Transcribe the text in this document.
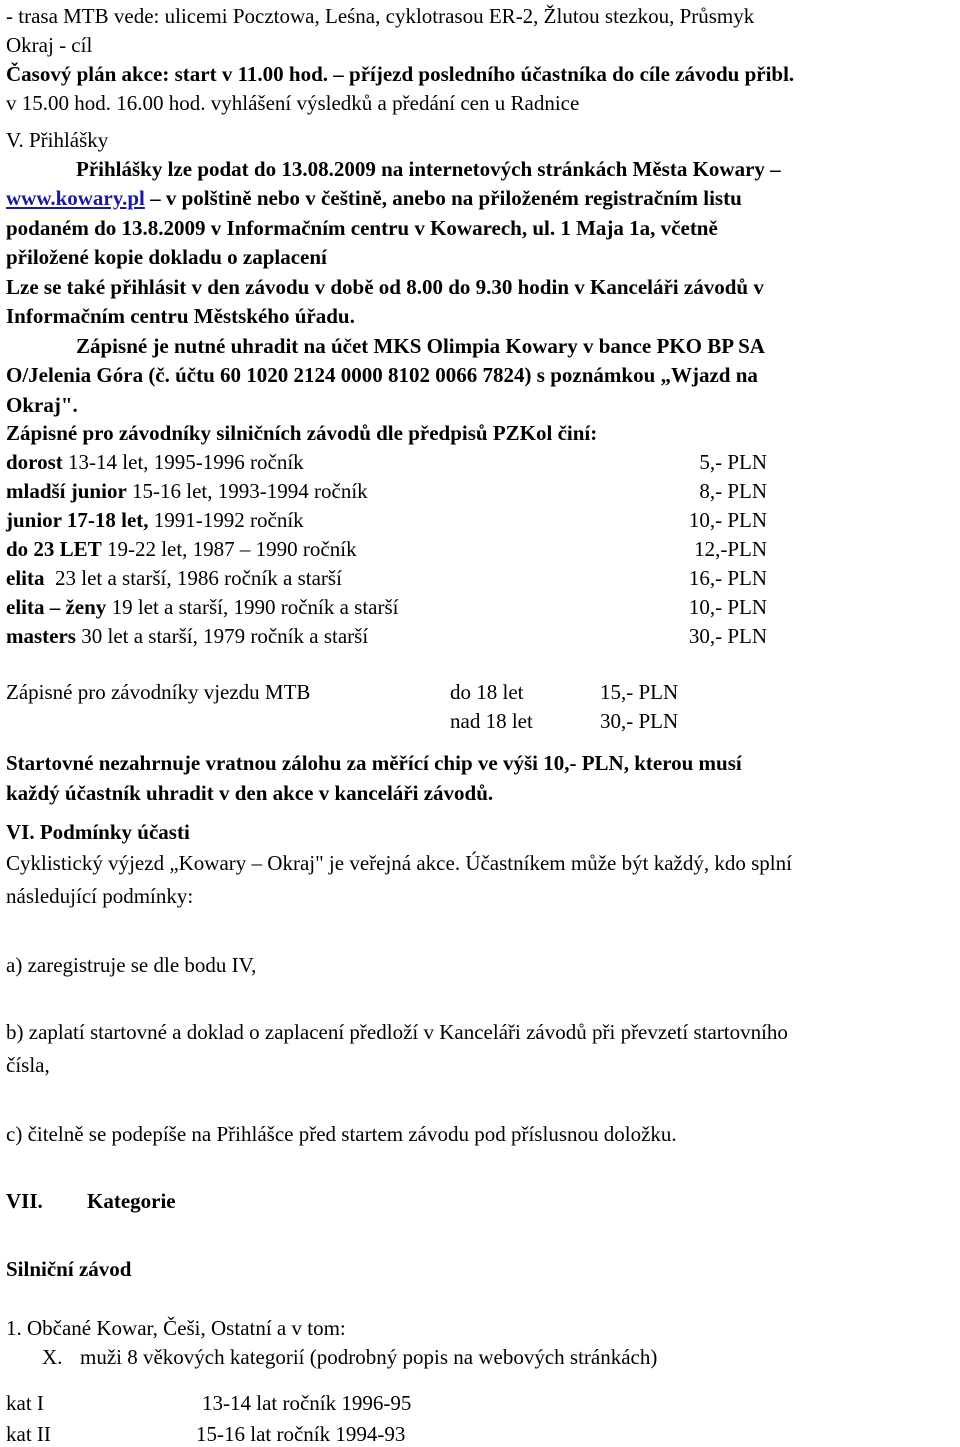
- trasa MTB vede: ulicemi Pocztowa, Leśna, cyklotrasou ER-2, Žlutou stezkou, Průsmyk
Okraj - cíl
Časový plán akce: start v 11.00 hod. – příjezd posledního účastníka do cíle závodu přibl.
v 15.00 hod. 16.00 hod. vyhlášení výsledků a předání cen u Radnice
V. Přihlášky
Přihlášky lze podat do 13.08.2009 na internetových stránkách Města Kowary –
www.kowary.pl – v polštině nebo v češtině, anebo na přiloženém registračním listu
podaném do 13.8.2009 v Informačním centru v Kowarech, ul. 1 Maja 1a, včetně
přiložené kopie dokladu o zaplacení
Lze se také přihlásit v den závodu v době od 8.00 do 9.30 hodin v Kanceláři závodů v
Informačním centru Městského úřadu.
Zápisné je nutné uhradit na účet MKS Olimpia Kowary v bance PKO BP SA
O/Jelenia Góra (č. účtu 60 1020 2124 0000 8102 0066 7824) s poznámkou „Wjazd na
Okraj".
Zápisné pro závodníky silničních závodů dle předpisů PZKol činí:
dorost 13-14 let, 1995-1996 ročník	5,- PLN
mladší junior 15-16 let, 1993-1994 ročník	8,- PLN
junior 17-18 let, 1991-1992 ročník	10,- PLN
do 23 LET 19-22 let, 1987 – 1990 ročník	12,-PLN
elita  23 let a starší, 1986 ročník a starší	16,- PLN
elita – ženy 19 let a starší, 1990 ročník a starší	10,- PLN
masters 30 let a starší, 1979 ročník a starší	30,- PLN
Zápisné pro závodníky vjezdu MTB	do 18 let	15,- PLN
nad 18 let	30,- PLN
Startovné nezahrnuje vratnou zálohu za měřící chip ve výši 10,- PLN, kterou musí
každý účastník uhradit v den akce v kanceláři závodů.
VI. Podmínky účasti
Cyklistický výjezd „Kowary – Okraj" je veřejná akce. Účastníkem může být každý, kdo splní
následující podmínky:
a) zaregistruje se dle bodu IV,
b) zaplatí startovné a doklad o zaplacení předloží v Kanceláři závodů při převzetí startovního
čísla,
c) čitelně se podepíše na Přihlášce před startem závodu pod příslusnou doložku.
VII. Kategorie
Silniční závod
1. Občané Kowar, Češi, Ostatní a v tom:
X. muži 8 věkových kategorií (podrobný popis na webových stránkách)
kat I	13-14 lat ročník 1996-95
kat II	15-16 lat ročník 1994-93
